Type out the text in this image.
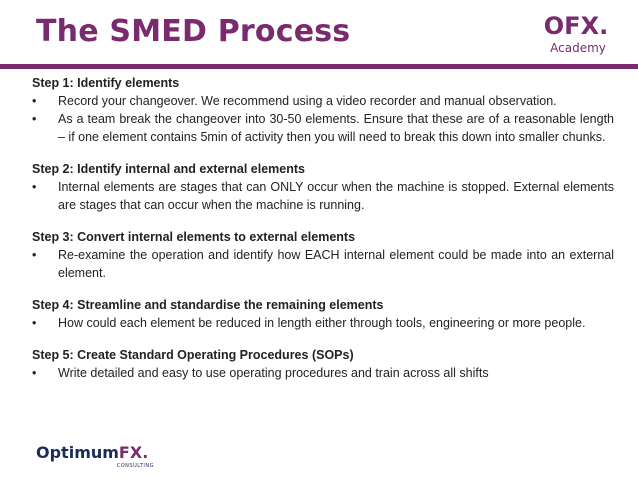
The SMED Process	OFX.
Academy
Step 1: Identify elements
•	Record your changeover. We recommend using a video recorder and manual observation.
•	As a team break the changeover into 30-50 elements. Ensure that these are of a reasonable length – if one element contains 5min of activity then you will need to break this down into smaller chunks.
Step 2: Identify internal and external elements
•	Internal elements are stages that can ONLY occur when the machine is stopped. External elements are stages that can occur when the machine is running.
Step 3: Convert internal elements to external elements
•	Re-examine the operation and identify how EACH internal element could be made into an external element.
Step 4: Streamline and standardise the remaining elements
•	How could each element be reduced in length either through tools, engineering or more people.
Step 5: Create Standard Operating Procedures (SOPs)
•	Write detailed and easy to use operating procedures and train across all shifts
OptimumFX.
CONSULTING
